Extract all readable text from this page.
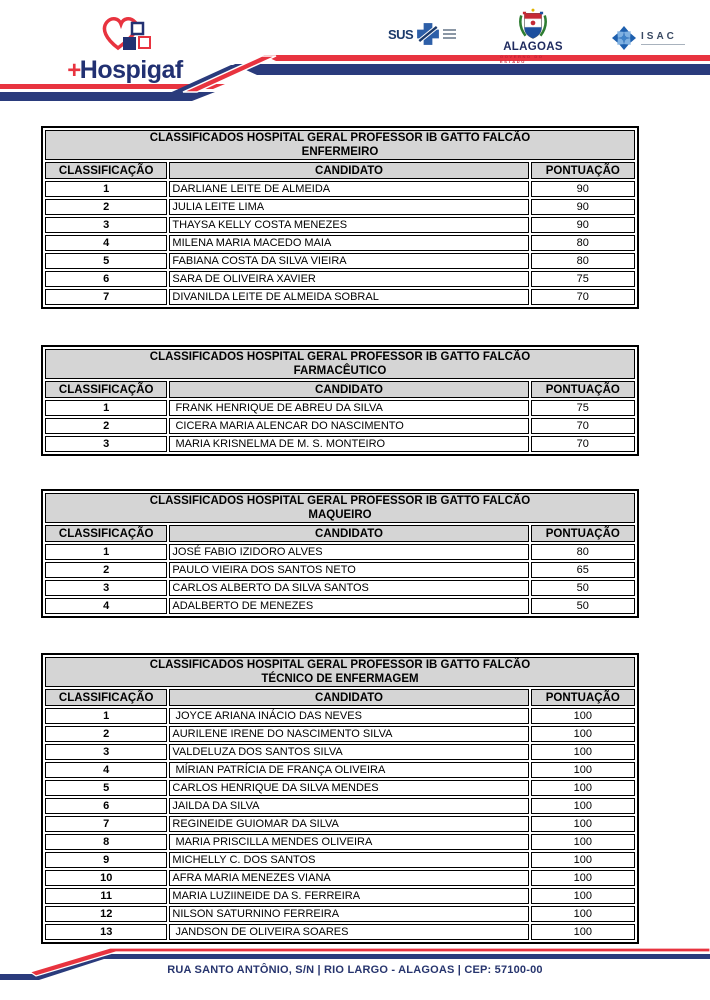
+ Hospigaf
SUS
ALAGOAS
GOVERNO DO ESTADO
ISAC
CLASSIFICADOS HOSPITAL GERAL PROFESSOR IB GATTO FALCÃO
ENFERMEIRO		

CLASSIFICAÇÃO	CANDIDATO	PONTUAÇÃO
1	DARLIANE LEITE DE ALMEIDA	90
2	JULIA LEITE LIMA	90
3	THAYSA KELLY COSTA MENEZES	90
4	MILENA MARIA MACEDO MAIA	80
5	FABIANA COSTA DA SILVA VIEIRA	80
6	SARA DE OLIVEIRA XAVIER	75
7	DIVANILDA LEITE DE ALMEIDA SOBRAL	70
CLASSIFICADOS HOSPITAL GERAL PROFESSOR IB GATTO FALCÃO
FARMACÊUTICO		

CLASSIFICAÇÃO	CANDIDATO	PONTUAÇÃO
1	FRANK HENRIQUE DE ABREU DA SILVA	75
2	CICERA MARIA ALENCAR DO NASCIMENTO	70
3	MARIA KRISNELMA DE M. S. MONTEIRO	70
CLASSIFICADOS HOSPITAL GERAL PROFESSOR IB GATTO FALCÃO
MAQUEIRO		

CLASSIFICAÇÃO	CANDIDATO	PONTUAÇÃO
1	JOSÉ FABIO IZIDORO ALVES	80
2	PAULO VIEIRA DOS SANTOS NETO	65
3	CARLOS ALBERTO DA SILVA SANTOS	50
4	ADALBERTO DE MENEZES	50
CLASSIFICADOS HOSPITAL GERAL PROFESSOR IB GATTO FALCÃO
TÉCNICO DE ENFERMAGEM		

CLASSIFICAÇÃO	CANDIDATO	PONTUAÇÃO
1	JOYCE ARIANA INÁCIO DAS NEVES	100
2	AURILENE IRENE DO NASCIMENTO SILVA	100
3	VALDELUZA DOS SANTOS SILVA	100
4	MÍRIAN PATRÍCIA DE FRANÇA OLIVEIRA	100
5	CARLOS HENRIQUE DA SILVA MENDES	100
6	JAILDA DA SILVA	100
7	REGINEIDE GUIOMAR DA SILVA	100
8	MARIA PRISCILLA MENDES OLIVEIRA	100
9	MICHELLY C. DOS SANTOS	100
10	AFRA MARIA MENEZES VIANA	100
11	MARIA LUZIINEIDE DA S. FERREIRA	100
12	NILSON SATURNINO FERREIRA	100
13	JANDSON DE OLIVEIRA SOARES	100
RUA SANTO ANTÔNIO, S/N | RIO LARGO - ALAGOAS | CEP: 57100-00
